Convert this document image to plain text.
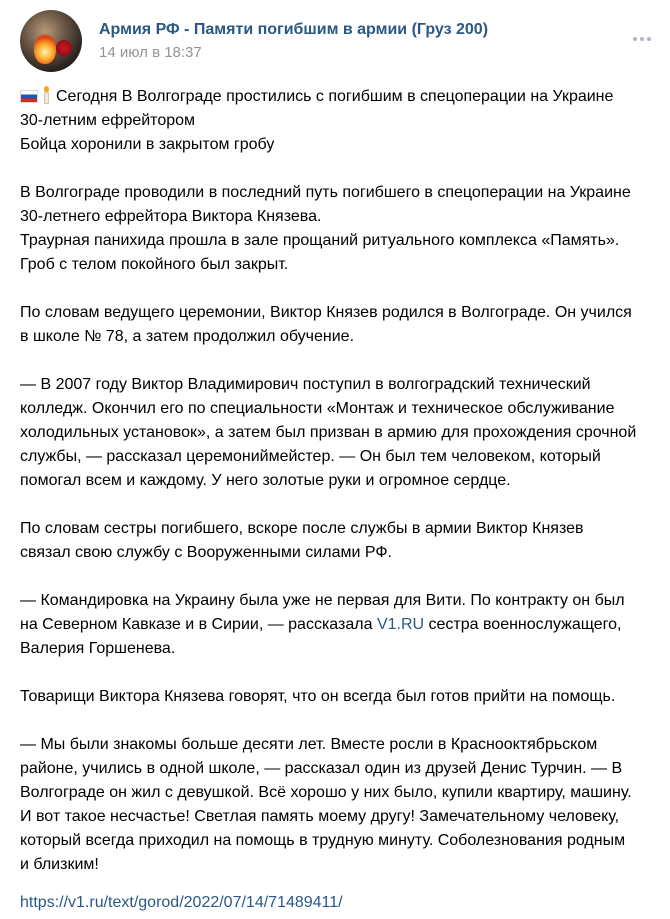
Армия РФ - Памяти погибшим в армии (Груз 200)
14 июл в 18:37

Сегодня В Волгограде простились с погибшим в спецоперации на Украине
30-летним ефрейтором
Бойца хоронили в закрытом гробу

В Волгограде проводили в последний путь погибшего в спецоперации на Украине
30-летнего ефрейтора Виктора Князева.
Траурная панихида прошла в зале прощаний ритуального комплекса «Память».
Гроб с телом покойного был закрыт.

По словам ведущего церемонии, Виктор Князев родился в Волгограде. Он учился
в школе № 78, а затем продолжил обучение.

— В 2007 году Виктор Владимирович поступил в волгоградский технический
колледж. Окончил его по специальности «Монтаж и техническое обслуживание
холодильных установок», а затем был призван в армию для прохождения срочной
службы, — рассказал церемониймейстер. — Он был тем человеком, который
помогал всем и каждому. У него золотые руки и огромное сердце.

По словам сестры погибшего, вскоре после службы в армии Виктор Князев
связал свою службу с Вооруженными силами РФ.

— Командировка на Украину была уже не первая для Вити. По контракту он был
на Северном Кавказе и в Сирии, — рассказала V1.RU сестра военнослужащего,
Валерия Горшенева.

Товарищи Виктора Князева говорят, что он всегда был готов прийти на помощь.

— Мы были знакомы больше десяти лет. Вместе росли в Краснооктябрьском
районе, учились в одной школе, — рассказал один из друзей Денис Турчин. — В
Волгограде он жил с девушкой. Всё хорошо у них было, купили квартиру, машину.
И вот такое несчастье! Светлая память моему другу! Замечательному человеку,
который всегда приходил на помощь в трудную минуту. Соболезнования родным
и близким!

https://v1.ru/text/gorod/2022/07/14/71489411/
